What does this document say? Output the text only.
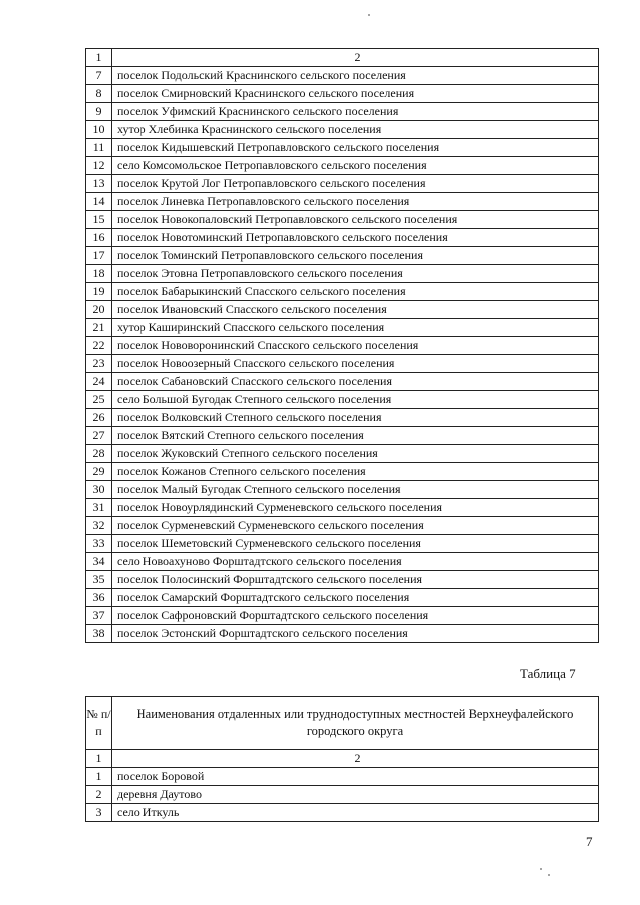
1	2
7	поселок Подольский Краснинского сельского поселения
8	поселок Смирновский Краснинского сельского поселения
9	поселок Уфимский Краснинского сельского поселения
10	хутор Хлебинка Краснинского сельского поселения
11	поселок Кидышевский Петропавловского сельского поселения
12	село Комсомольское Петропавловского сельского поселения
13	поселок Крутой Лог Петропавловского сельского поселения
14	поселок Линевка Петропавловского сельского поселения
15	поселок Новокопаловский Петропавловского сельского поселения
16	поселок Новотоминский Петропавловского сельского поселения
17	поселок Томинский Петропавловского сельского поселения
18	поселок Этовна Петропавловского сельского поселения
19	поселок Бабарыкинский Спасского сельского поселения
20	поселок Ивановский Спасского сельского поселения
21	хутор Каширинский Спасского сельского поселения
22	поселок Нововоронинский Спасского сельского поселения
23	поселок Новоозерный Спасского сельского поселения
24	поселок Сабановский Спасского сельского поселения
25	село Большой Бугодак Степного сельского поселения
26	поселок Волковский Степного сельского поселения
27	поселок Вятский Степного сельского поселения
28	поселок Жуковский Степного сельского поселения
29	поселок Кожанов Степного сельского поселения
30	поселок Малый Бугодак Степного сельского поселения
31	поселок Новоурлядинский Сурменевского сельского поселения
32	поселок Сурменевский Сурменевского сельского поселения
33	поселок Шеметовский Сурменевского сельского поселения
34	село Новоахуново Форштадтского сельского поселения
35	поселок Полосинский Форштадтского сельского поселения
36	поселок Самарский Форштадтского сельского поселения
37	поселок Сафроновский Форштадтского сельского поселения
38	поселок Эстонский Форштадтского сельского поселения
Таблица 7
№ п/п	Наименования отдаленных или труднодоступных местностей Верхнеуфалейского городского округа
1	2
1	поселок Боровой
2	деревня Даутово
3	село Иткуль
7
